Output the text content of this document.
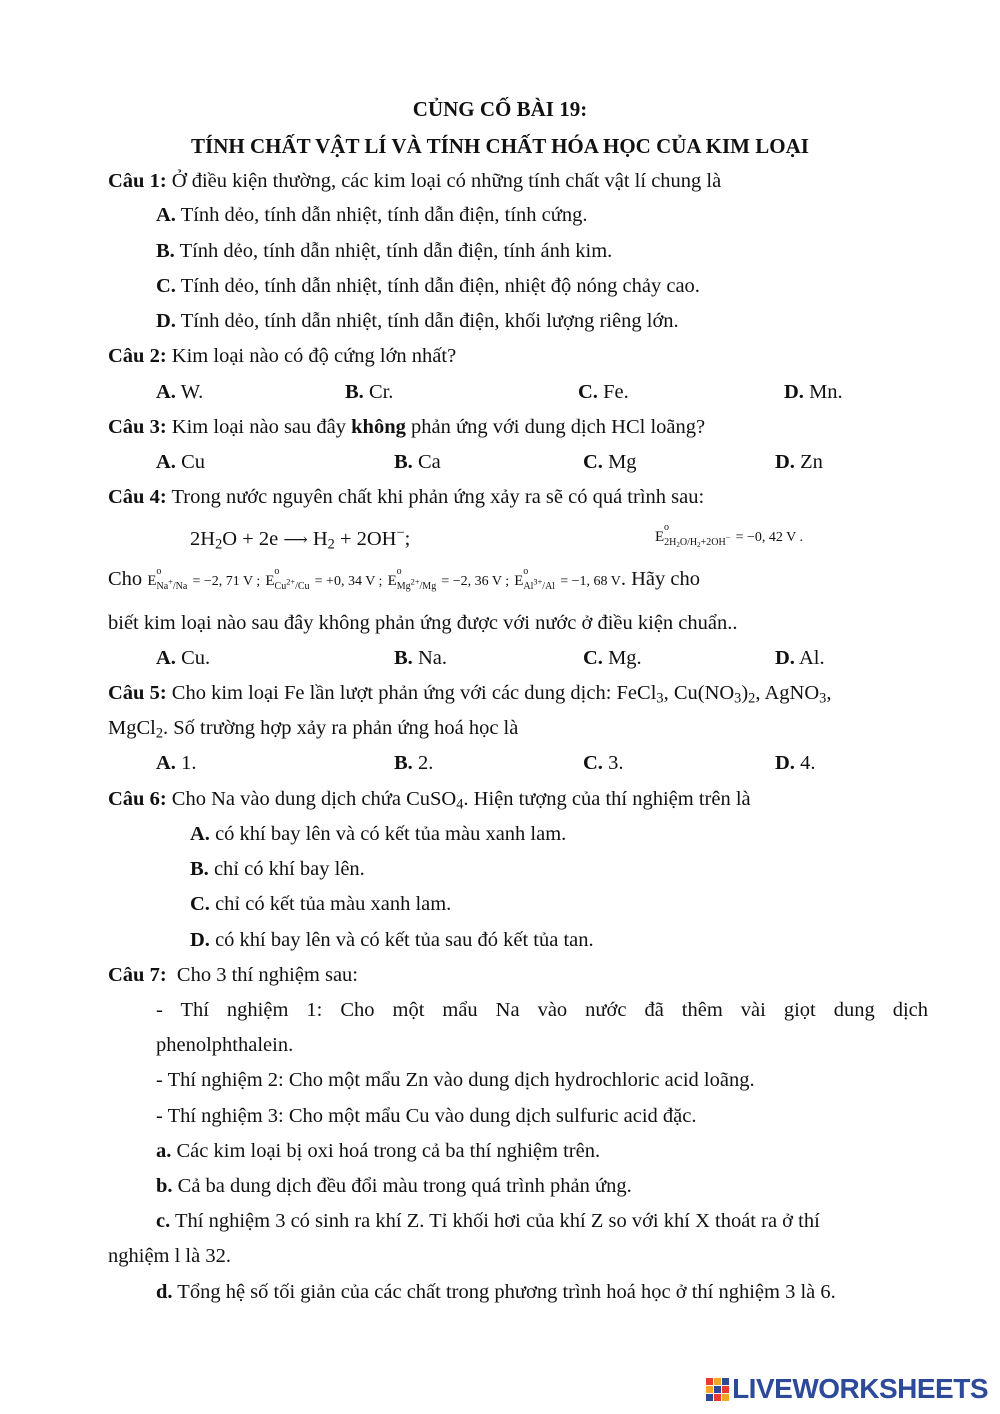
CỦNG CỐ BÀI 19:
TÍNH CHẤT VẬT LÍ VÀ TÍNH CHẤT HÓA HỌC CỦA KIM LOẠI
Câu 1: Ở điều kiện thường, các kim loại có những tính chất vật lí chung là
A. Tính dẻo, tính dẫn nhiệt, tính dẫn điện, tính cứng.
B. Tính dẻo, tính dẫn nhiệt, tính dẫn điện, tính ánh kim.
C. Tính dẻo, tính dẫn nhiệt, tính dẫn điện, nhiệt độ nóng chảy cao.
D. Tính dẻo, tính dẫn nhiệt, tính dẫn điện, khối lượng riêng lớn.
Câu 2: Kim loại nào có độ cứng lớn nhất?
A. W.	B. Cr.	C. Fe.	D. Mn.
Câu 3: Kim loại nào sau đây không phản ứng với dung dịch HCl loãng?
A. Cu	B. Ca	C. Mg	D. Zn
Câu 4: Trong nước nguyên chất khi phản ứng xảy ra sẽ có quá trình sau:
$2H_2O + 2e$ ⟶ $H_2 + 2OH^-$;	E
o
$_{2H_2O/H_2+2OH^-}$ = −0, 42 V .
Cho E
o
$_{Na^+/Na}$ = −2, 71 V ; E
o
$_{Cu^{2+}/Cu}$ = +0, 34 V ; E
o
$_{Mg^{2+}/Mg}$ = −2, 36 V ; E
o
$_{Al^{3+}/Al}$ = −1, 68 V. Hãy cho
biết kim loại nào sau đây không phản ứng được với nước ở điều kiện chuẩn..
A. Cu.	B. Na.	C. Mg.	D. Al.
Câu 5: Cho kim loại Fe lần lượt phản ứng với các dung dịch: FeCl$_3$, $Cu(NO_3)_2$, AgNO$_3$,
MgCl$_2$. Số trường hợp xảy ra phản ứng hoá học là
A. 1.	B. 2.	C. 3.	D. 4.
Câu 6: Cho Na vào dung dịch chứa CuSO$_4$. Hiện tượng của thí nghiệm trên là
A. có khí bay lên và có kết tủa màu xanh lam.
B. chỉ có khí bay lên.
C. chỉ có kết tủa màu xanh lam.
D. có khí bay lên và có kết tủa sau đó kết tủa tan.
Câu 7: Cho 3 thí nghiệm sau:
- Thí nghiệm 1: Cho một mẩu Na vào nước đã thêm vài giọt dung dịch
phenolphthalein.
- Thí nghiệm 2: Cho một mẩu Zn vào dung dịch hydrochloric acid loãng.
- Thí nghiệm 3: Cho một mẩu Cu vào dung dịch sulfuric acid đặc.
a. Các kim loại bị oxi hoá trong cả ba thí nghiệm trên.
b. Cả ba dung dịch đều đổi màu trong quá trình phản ứng.
c. Thí nghiệm 3 có sinh ra khí Z. Tỉ khối hơi của khí Z so với khí X thoát ra ở thí
nghiệm l là 32.
d. Tổng hệ số tối giản của các chất trong phương trình hoá học ở thí nghiệm 3 là 6.
LIVEWORKSHEETS
